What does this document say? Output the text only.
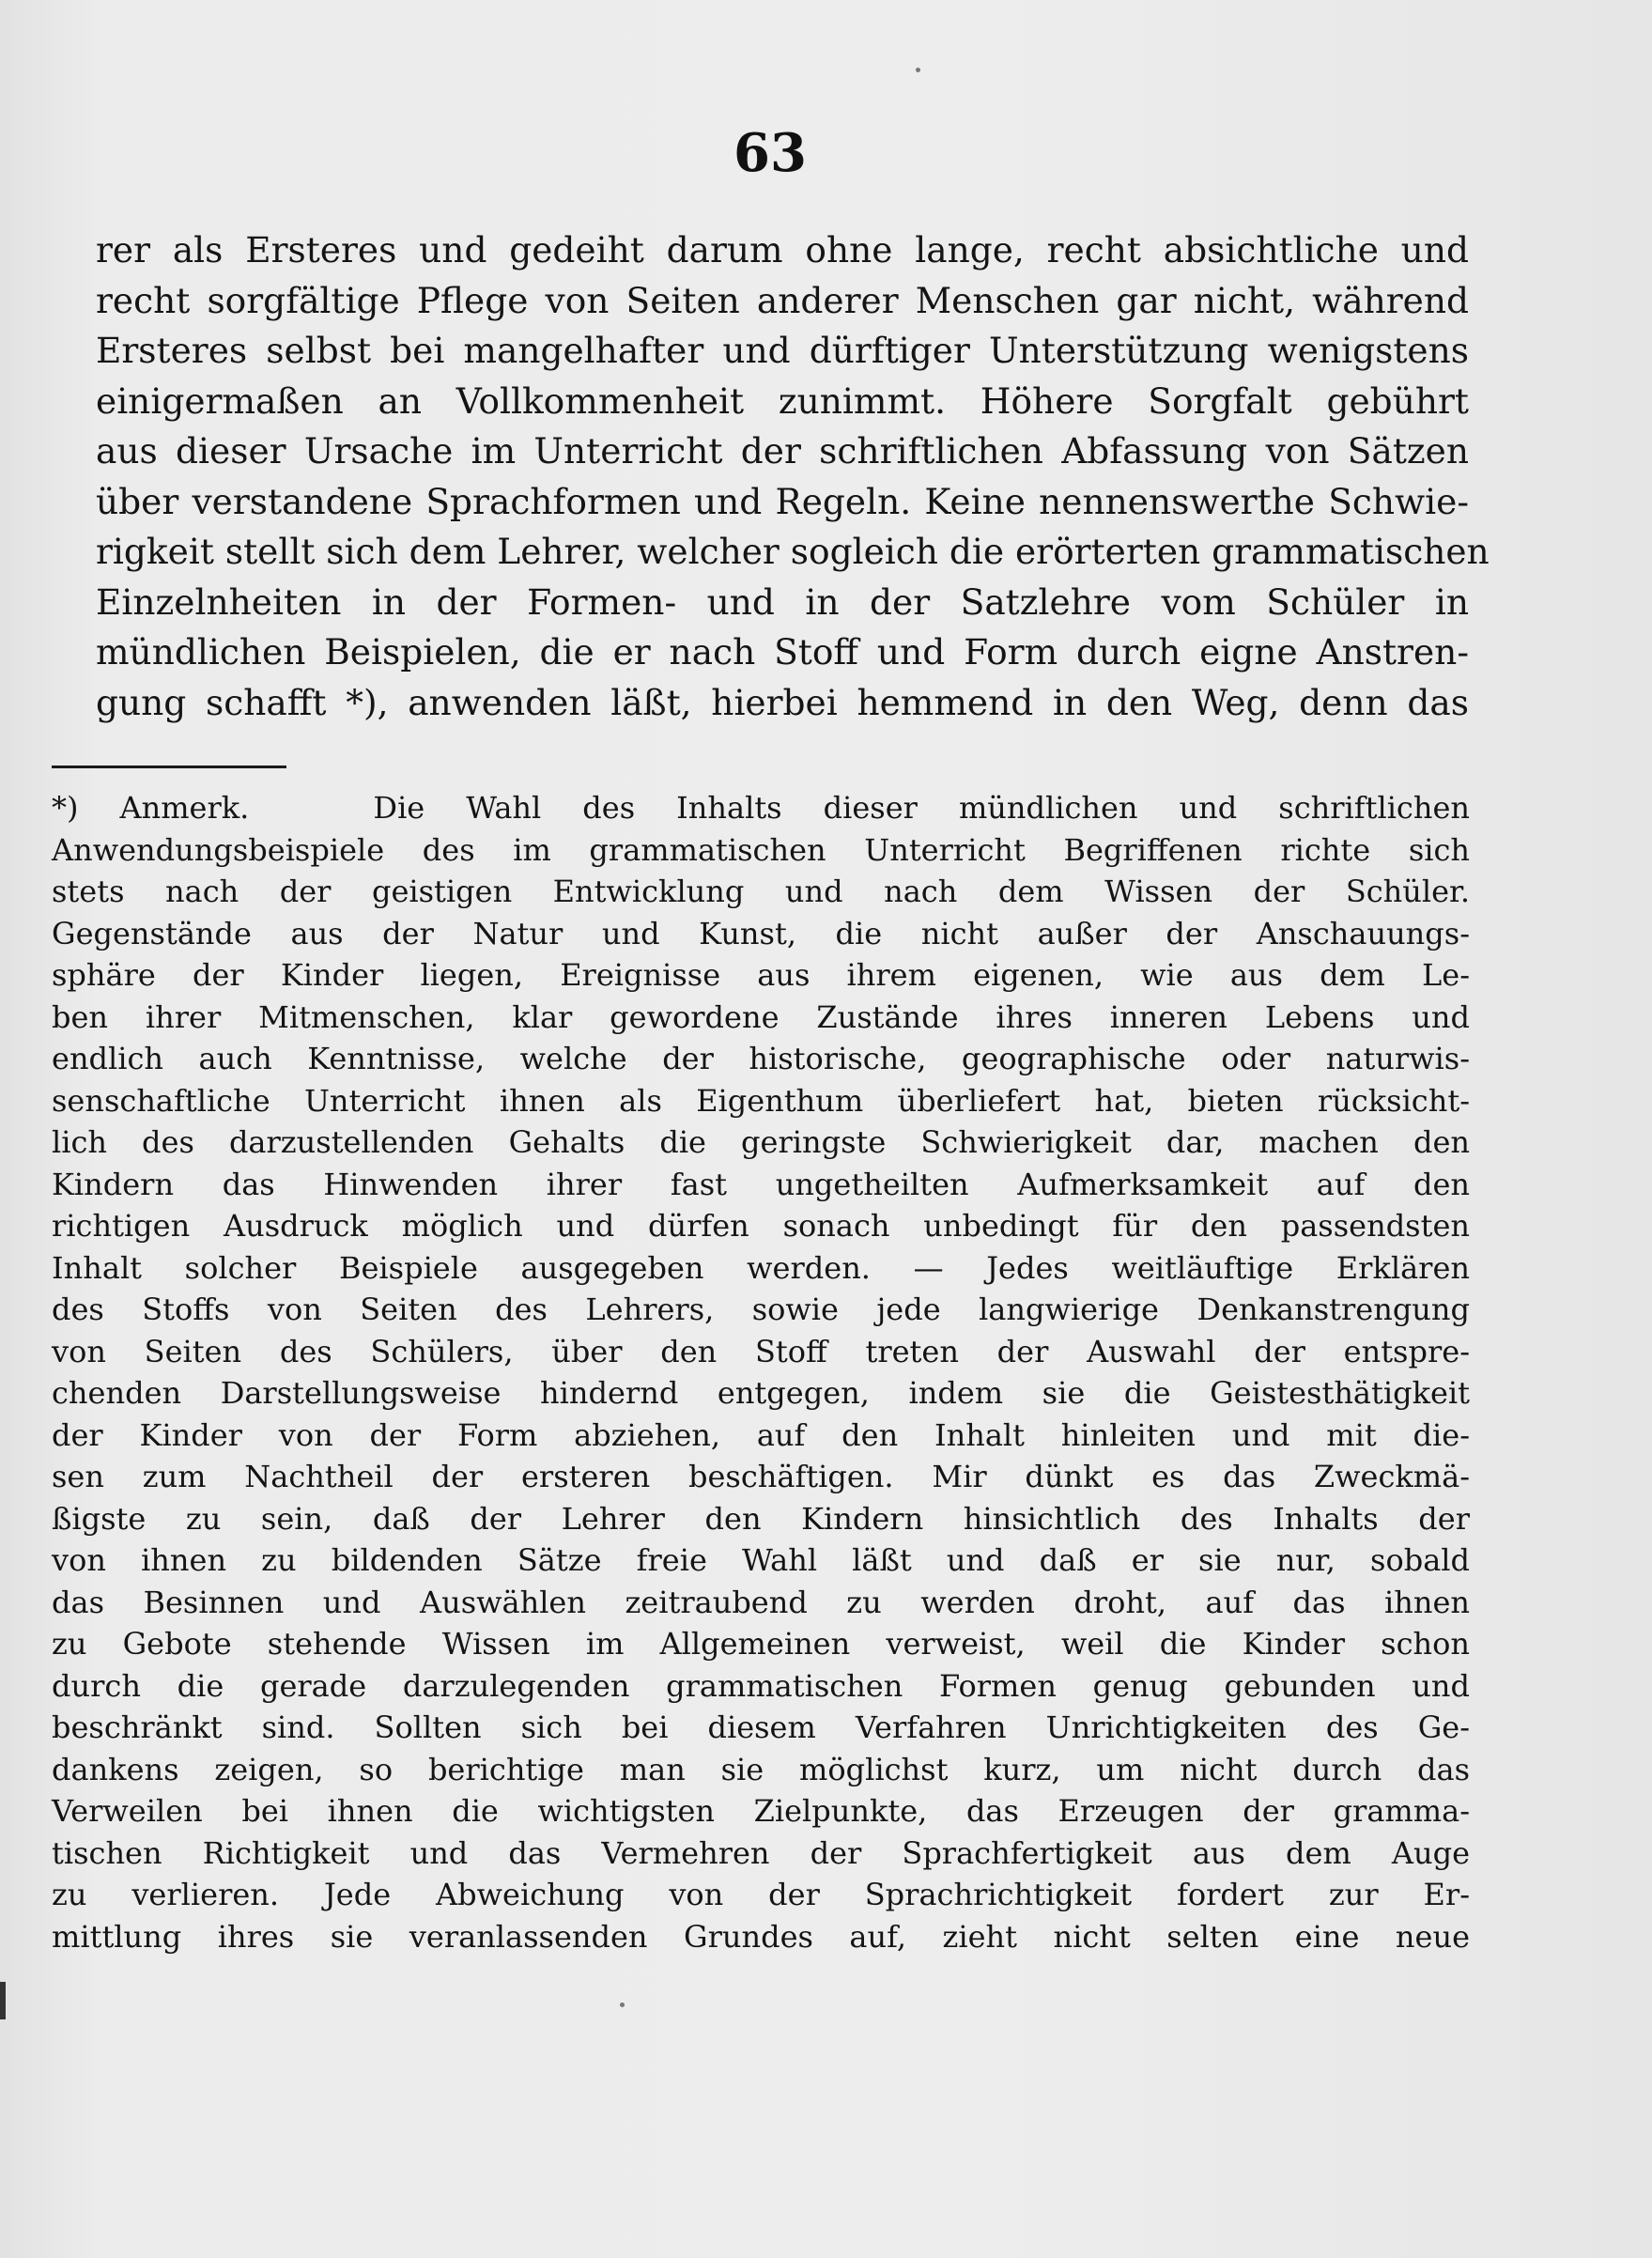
63
rer als Ersteres und gedeiht darum ohne lange, recht absichtliche und
recht sorgfältige Pflege von Seiten anderer Menschen gar nicht, während
Ersteres selbst bei mangelhafter und dürftiger Unterstützung wenigstens
einigermaßen an Vollkommenheit zunimmt. Höhere Sorgfalt gebührt
aus dieser Ursache im Unterricht der schriftlichen Abfassung von Sätzen
über verstandene Sprachformen und Regeln. Keine nennenswerthe Schwie-
rigkeit stellt sich dem Lehrer, welcher sogleich die erörterten grammatischen
Einzelnheiten in der Formen- und in der Satzlehre vom Schüler in
mündlichen Beispielen, die er nach Stoff und Form durch eigne Anstren-
gung schafft *), anwenden läßt, hierbei hemmend in den Weg, denn das
*) Anmerk.	Die Wahl des Inhalts dieser mündlichen und schriftlichen
Anwendungsbeispiele des im grammatischen Unterricht Begriffenen richte sich
stets nach der geistigen Entwicklung und nach dem Wissen der Schüler.
Gegenstände aus der Natur und Kunst, die nicht außer der Anschauungs-
sphäre der Kinder liegen, Ereignisse aus ihrem eigenen, wie aus dem Le-
ben ihrer Mitmenschen, klar gewordene Zustände ihres inneren Lebens und
endlich auch Kenntnisse, welche der historische, geographische oder naturwis-
senschaftliche Unterricht ihnen als Eigenthum überliefert hat, bieten rücksicht-
lich des darzustellenden Gehalts die geringste Schwierigkeit dar, machen den
Kindern das Hinwenden ihrer fast ungetheilten Aufmerksamkeit auf den
richtigen Ausdruck möglich und dürfen sonach unbedingt für den passendsten
Inhalt solcher Beispiele ausgegeben werden. — Jedes weitläuftige Erklären
des Stoffs von Seiten des Lehrers, sowie jede langwierige Denkanstrengung
von Seiten des Schülers, über den Stoff treten der Auswahl der entspre-
chenden Darstellungsweise hindernd entgegen, indem sie die Geistesthätigkeit
der Kinder von der Form abziehen, auf den Inhalt hinleiten und mit die-
sen zum Nachtheil der ersteren beschäftigen. Mir dünkt es das Zweckmä-
ßigste zu sein, daß der Lehrer den Kindern hinsichtlich des Inhalts der
von ihnen zu bildenden Sätze freie Wahl läßt und daß er sie nur, sobald
das Besinnen und Auswählen zeitraubend zu werden droht, auf das ihnen
zu Gebote stehende Wissen im Allgemeinen verweist, weil die Kinder schon
durch die gerade darzulegenden grammatischen Formen genug gebunden und
beschränkt sind. Sollten sich bei diesem Verfahren Unrichtigkeiten des Ge-
dankens zeigen, so berichtige man sie möglichst kurz, um nicht durch das
Verweilen bei ihnen die wichtigsten Zielpunkte, das Erzeugen der gramma-
tischen Richtigkeit und das Vermehren der Sprachfertigkeit aus dem Auge
zu verlieren. Jede Abweichung von der Sprachrichtigkeit fordert zur Er-
mittlung ihres sie veranlassenden Grundes auf, zieht nicht selten eine neue
